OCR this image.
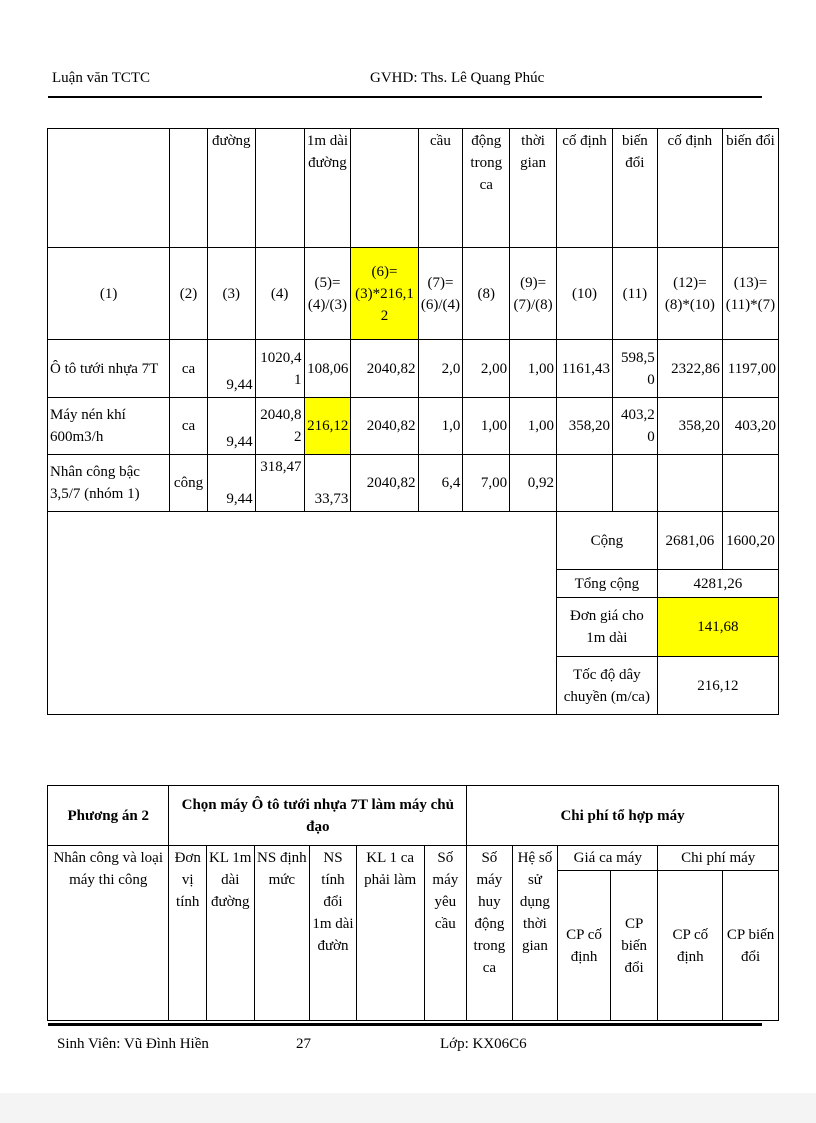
Luận văn TCTC	GVHD: Ths. Lê Quang Phúc
		đường		1m dài đường		cầu	động trong ca	thời gian	cố định	biến đổi	cố định	biến đổi
(1)	(2)	(3)	(4)	(5)= (4)/(3)	(6)= (3)*216,12	(7)= (6)/(4)	(8)	(9)= (7)/(8)	(10)	(11)	(12)= (8)*(10)	(13)= (11)*(7)
Ô tô tưới nhựa 7T	ca	9,44	1020,41	108,06	2040,82	2,0	2,00	1,00	1161,43	598,50	2322,86	1197,00
Máy nén khí 600m3/h	ca	9,44	2040,82	216,12	2040,82	1,0	1,00	1,00	358,20	403,20	358,20	403,20
Nhân công bậc 3,5/7 (nhóm 1)	công	9,44	318,47	33,73	2040,82	6,4	7,00	0,92				
									Cộng		2681,06	1600,20
									Tổng cộng		4281,26	
									Đơn giá cho 1m dài		141,68	
									Tốc độ dây chuyền (m/ca)		216,12	
Phương án 2	Chọn máy Ô tô tưới nhựa 7T làm máy chủ đạo						Chi phí tổ hợp máy					
Nhân công và loại máy thi công	Đơn vị tính	KL 1m dài đường	NS định mức	NS tính đổi 1m dài đườn	KL 1 ca phải làm	Số máy yêu cầu	Số máy huy động trong ca	Hệ số sử dụng thời gian	Giá ca máy		Chi phí máy	
									CP cố định	CP biến đổi	CP cố định	CP biến đổi
Sinh Viên: Vũ Đình Hiền	27	Lớp: KX06C6
